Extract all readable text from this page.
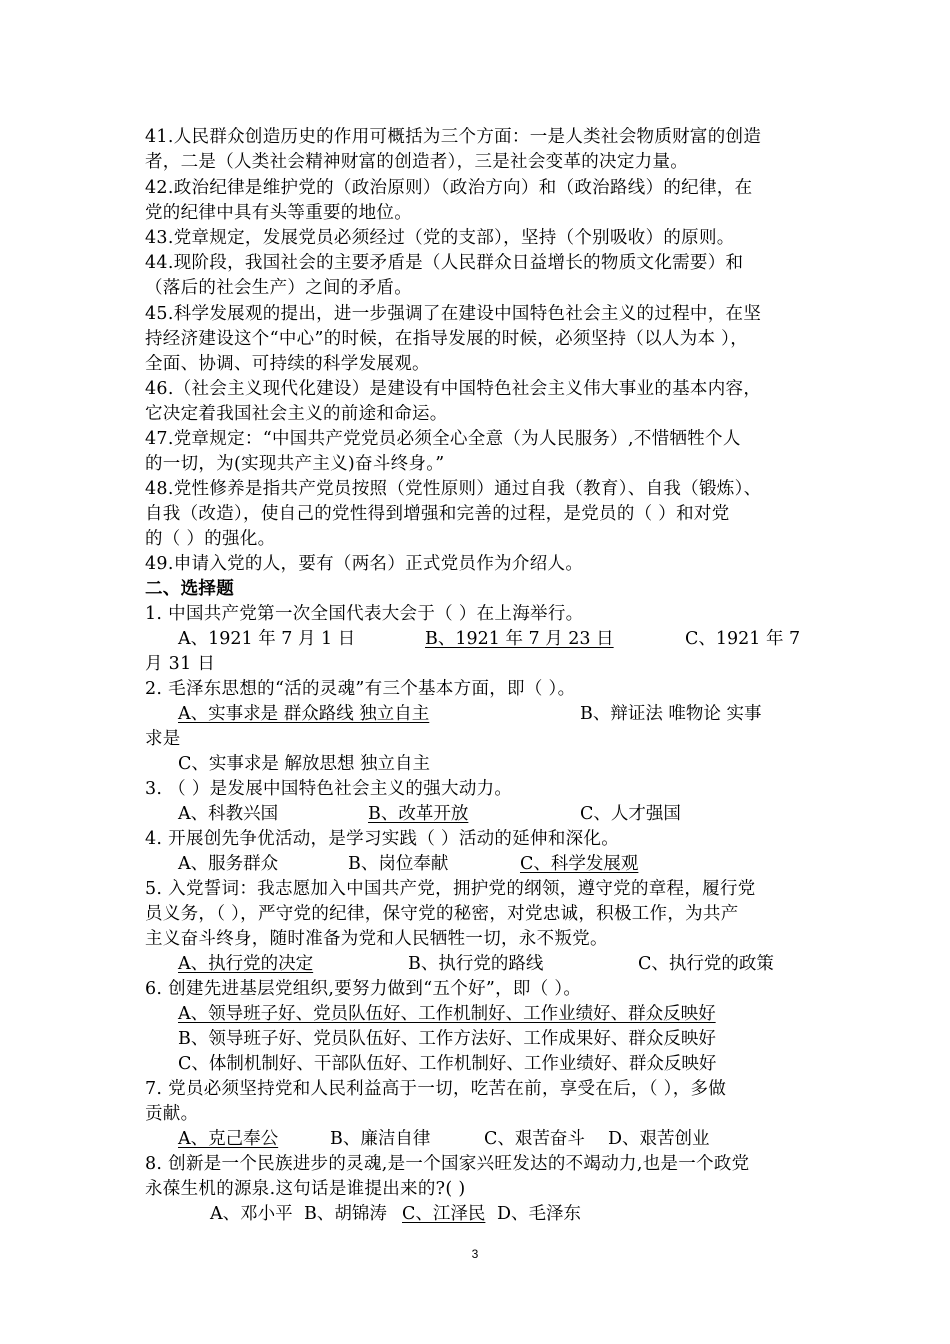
41.人民群众创造历史的作用可概括为三个方面：一是人类社会物质财富的创造
者，二是（人类社会精神财富的创造者），三是社会变革的决定力量。
42.政治纪律是维护党的（政治原则）（政治方向）和（政治路线）的纪律，在
党的纪律中具有头等重要的地位。
43.党章规定，发展党员必须经过（党的支部），坚持（个别吸收）的原则。
44.现阶段，我国社会的主要矛盾是（人民群众日益增长的物质文化需要）和
（落后的社会生产）之间的矛盾。
45.科学发展观的提出，进一步强调了在建设中国特色社会主义的过程中，在坚
持经济建设这个“中心”的时候，在指导发展的时候，必须坚持（以人为本 ），
全面、协调、可持续的科学发展观。
46.（社会主义现代化建设）是建设有中国特色社会主义伟大事业的基本内容，
它决定着我国社会主义的前途和命运。
47.党章规定：“中国共产党党员必须全心全意（为人民服务）,不惜牺牲个人
的一切，为(实现共产主义)奋斗终身。”
48.党性修养是指共产党员按照（党性原则）通过自我（教育）、自我（锻炼）、
自我（改造），使自己的党性得到增强和完善的过程，是党员的（ ）和对党
的（ ）的强化。
49.申请入党的人，要有（两名）正式党员作为介绍人。
二、选择题
1. 中国共产党第一次全国代表大会于（ ）在上海举行。
A、1921 年 7 月 1 日	B、1921 年 7 月 23 日	C、1921 年 7
月 31 日
2. 毛泽东思想的“活的灵魂”有三个基本方面，即（ ）。
A、实事求是 群众路线 独立自主	B、辩证法 唯物论 实事
求是
C、实事求是 解放思想 独立自主
3. （ ）是发展中国特色社会主义的强大动力。
A、科教兴国	B、改革开放	C、人才强国
4. 开展创先争优活动，是学习实践（ ）活动的延伸和深化。
A、服务群众	B、岗位奉献	C、科学发展观
5. 入党誓词：我志愿加入中国共产党，拥护党的纲领，遵守党的章程，履行党
员义务，（ ），严守党的纪律，保守党的秘密，对党忠诚，积极工作，为共产
主义奋斗终身，随时准备为党和人民牺牲一切，永不叛党。
A、执行党的决定	B、执行党的路线	C、执行党的政策
6. 创建先进基层党组织,要努力做到“五个好”，即（ ）。
A、领导班子好、党员队伍好、工作机制好、工作业绩好、群众反映好
B、领导班子好、党员队伍好、工作方法好、工作成果好、群众反映好
C、体制机制好、干部队伍好、工作机制好、工作业绩好、群众反映好
7. 党员必须坚持党和人民利益高于一切，吃苦在前，享受在后，（ ），多做
贡献。
A、克己奉公	B、廉洁自律	C、艰苦奋斗 D、艰苦创业
8. 创新是一个民族进步的灵魂,是一个国家兴旺发达的不竭动力,也是一个政党
永葆生机的源泉.这句话是谁提出来的?( )
A、邓小平 B、胡锦涛 C、江泽民 D、毛泽东
3
